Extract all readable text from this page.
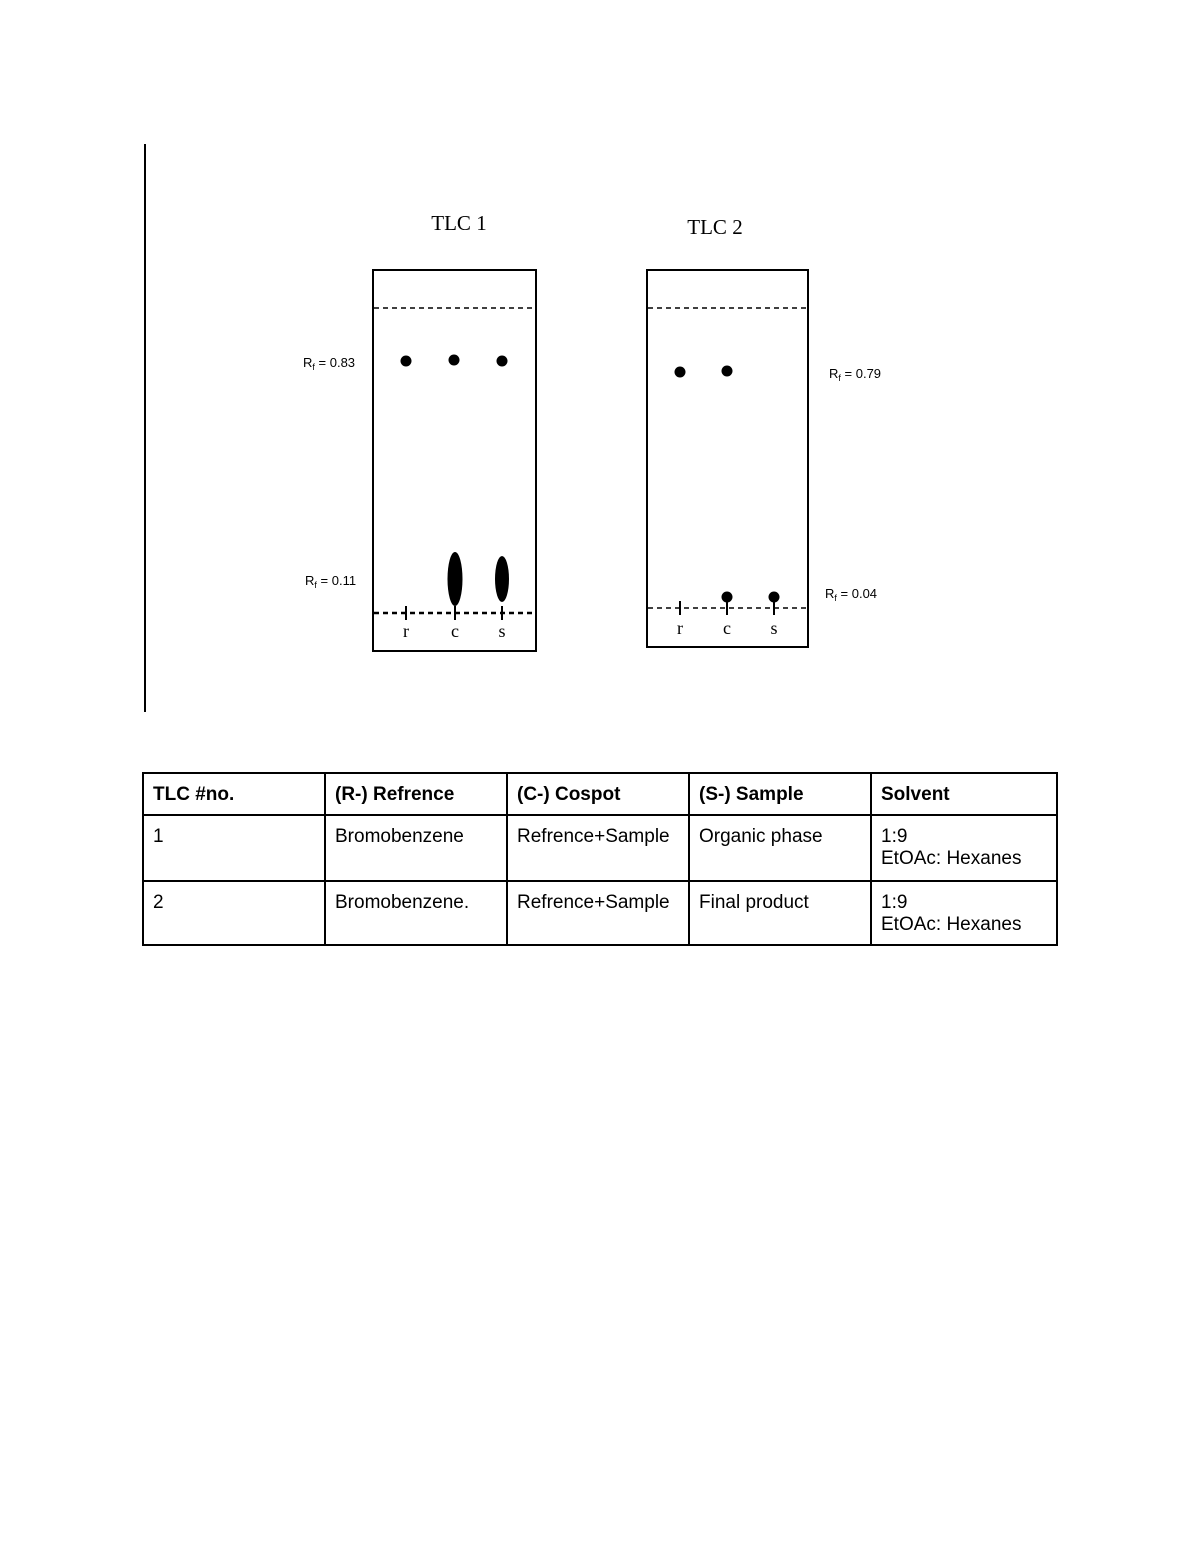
TLC 1
r c s
$R_f = 0.83$
$R_f = 0.11$
TLC 2
r c s
$R_f = 0.79$
$R_f = 0.04$
TLC #no.	(R-) Refrence	(C-) Cospot	(S-) Sample	Solvent
1	Bromobenzene	Refrence+Sample	Organic phase	1:9
EtOAc: Hexanes

2	Bromobenzene.	Refrence+Sample	Final product	1:9
EtOAc: Hexanes
